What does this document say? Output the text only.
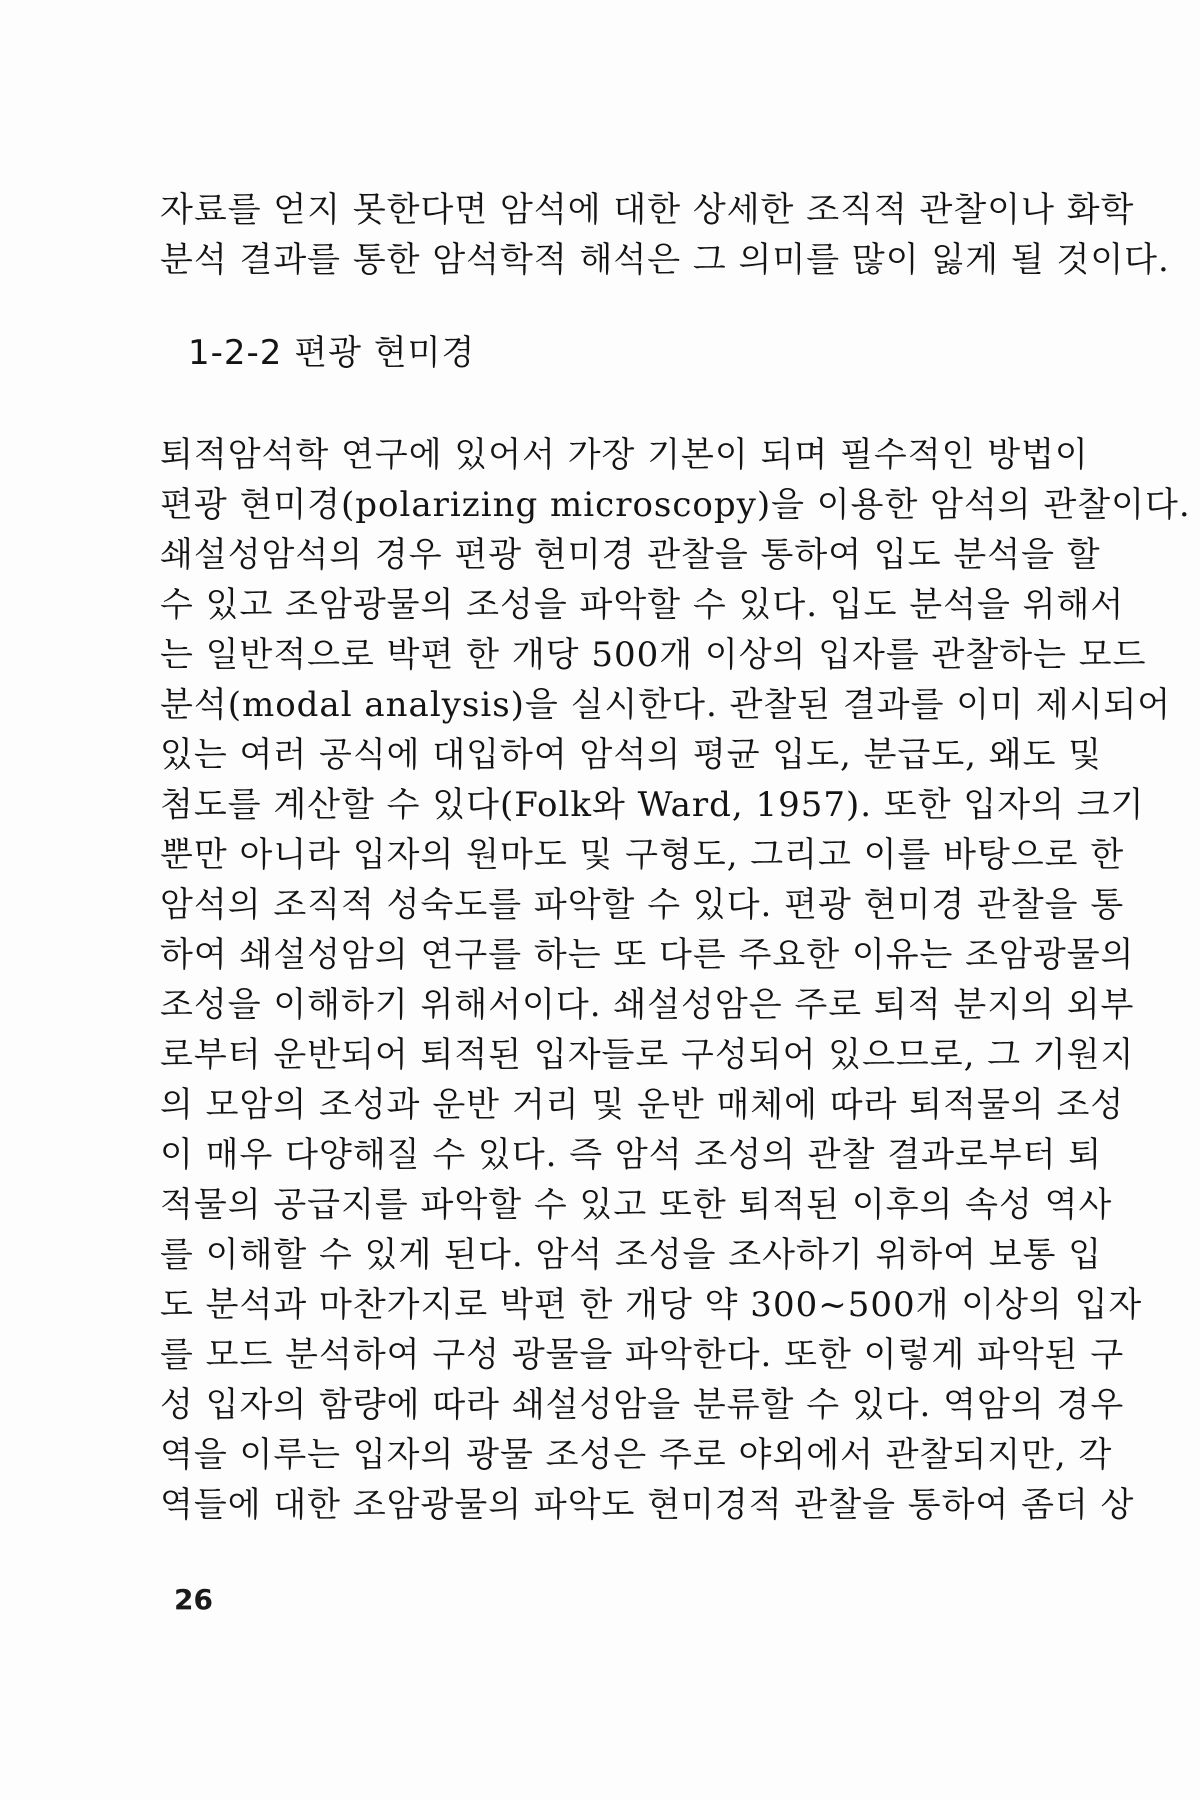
자료를 얻지 못한다면 암석에 대한 상세한 조직적 관찰이나 화학
분석 결과를 통한 암석학적 해석은 그 의미를 많이 잃게 될 것이다.
1-2-2 편광 현미경
퇴적암석학 연구에 있어서 가장 기본이 되며 필수적인 방법이
편광 현미경(polarizing microscopy)을 이용한 암석의 관찰이다.
쇄설성암석의 경우 편광 현미경 관찰을 통하여 입도 분석을 할
수 있고 조암광물의 조성을 파악할 수 있다. 입도 분석을 위해서
는 일반적으로 박편 한 개당 500개 이상의 입자를 관찰하는 모드
분석(modal analysis)을 실시한다. 관찰된 결과를 이미 제시되어
있는 여러 공식에 대입하여 암석의 평균 입도, 분급도, 왜도 및
첨도를 계산할 수 있다(Folk와 Ward, 1957). 또한 입자의 크기
뿐만 아니라 입자의 원마도 및 구형도, 그리고 이를 바탕으로 한
암석의 조직적 성숙도를 파악할 수 있다. 편광 현미경 관찰을 통
하여 쇄설성암의 연구를 하는 또 다른 주요한 이유는 조암광물의
조성을 이해하기 위해서이다. 쇄설성암은 주로 퇴적 분지의 외부
로부터 운반되어 퇴적된 입자들로 구성되어 있으므로, 그 기원지
의 모암의 조성과 운반 거리 및 운반 매체에 따라 퇴적물의 조성
이 매우 다양해질 수 있다. 즉 암석 조성의 관찰 결과로부터 퇴
적물의 공급지를 파악할 수 있고 또한 퇴적된 이후의 속성 역사
를 이해할 수 있게 된다. 암석 조성을 조사하기 위하여 보통 입
도 분석과 마찬가지로 박편 한 개당 약 300~500개 이상의 입자
를 모드 분석하여 구성 광물을 파악한다. 또한 이렇게 파악된 구
성 입자의 함량에 따라 쇄설성암을 분류할 수 있다. 역암의 경우
역을 이루는 입자의 광물 조성은 주로 야외에서 관찰되지만, 각
역들에 대한 조암광물의 파악도 현미경적 관찰을 통하여 좀더 상
26
